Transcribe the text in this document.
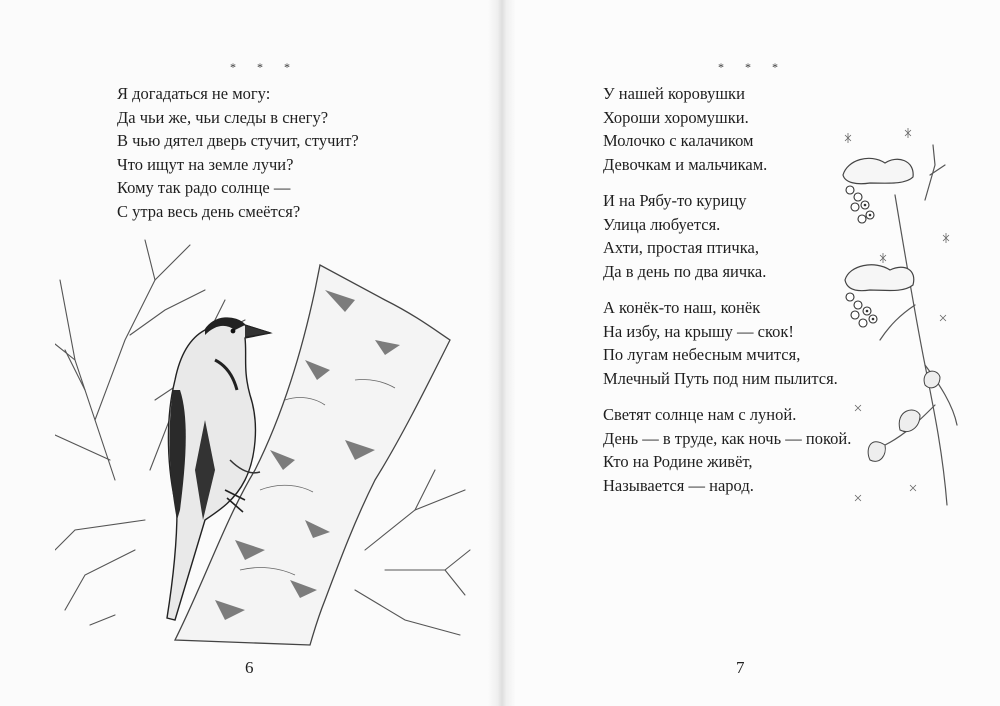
* * *
Я догадаться не могу:
Да чьи же, чьи следы в снегу?
В чью дятел дверь стучит, стучит?
Что ищут на земле лучи?
Кому так радо солнце —
С утра весь день смеётся?
6
* * *
7
У нашей коровушки
Хороши хоромушки.
Молочко с калачиком
Девочкам и мальчикам.
И на Рябу-то курицу
Улица любуется.
Ахти, простая птичка,
Да в день по два яичка.
А конёк-то наш, конёк
На избу, на крышу — скок!
По лугам небесным мчится,
Млечный Путь под ним пылится.
Светят солнце нам с луной.
День — в труде, как ночь — покой.
Кто на Родине живёт,
Называется — народ.
